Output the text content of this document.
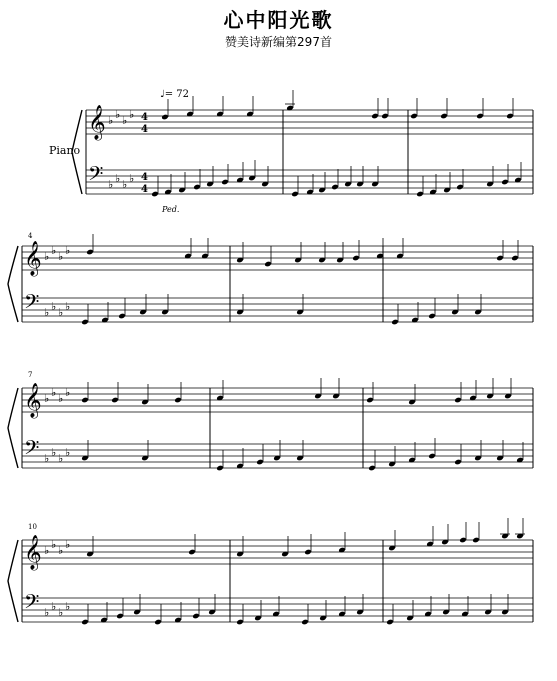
心中阳光歌
赞美诗新编第297首
Piano
♩= 72
Ped.
4
7
10
𝄞 ♭ ♭ ♭ ♭ 4
4
𝄢 ♭ ♭ ♭ ♭ 4
4
𝄞 ♭ ♭ ♭ ♭
𝄢 ♭ ♭ ♭ ♭
𝄞 ♭ ♭ ♭ ♭
𝄢 ♭ ♭ ♭ ♭
𝄞 ♭ ♭ ♭ ♭
𝄢 ♭ ♭ ♭ ♭
